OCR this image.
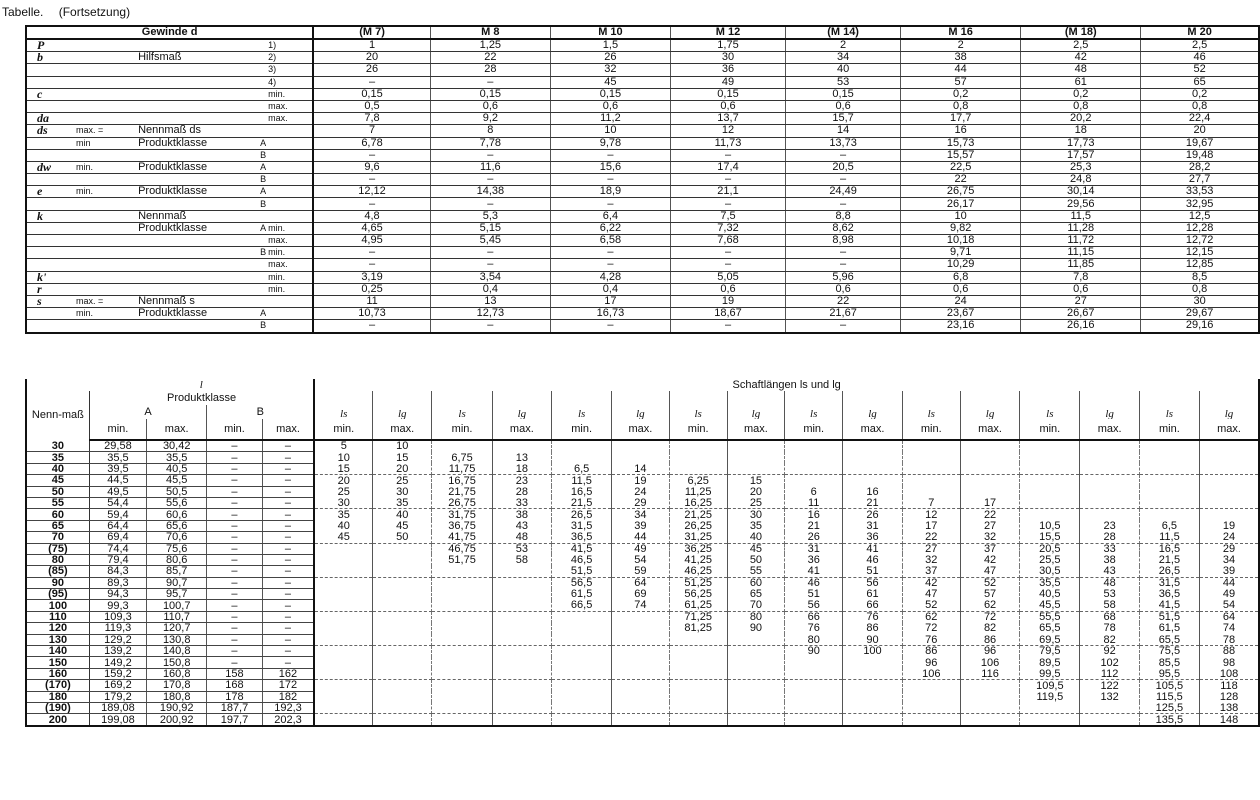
Tabelle. (Fortsetzung)
Gewinde d					(M 7)	M 8	M 10	M 12	(M 14)	M 16	(M 18)	M 20
P				1)	1	1,25	1,5	1,75	2	2	2,5	2,5
b		Hilfsmaß		2)	20	22	26	30	34	38	42	46
				3)	26	28	32	36	40	44	48	52
				4)	–	–	45	49	53	57	61	65
c				min.	0,15	0,15	0,15	0,15	0,15	0,2	0,2	0,2
				max.	0,5	0,6	0,6	0,6	0,6	0,8	0,8	0,8
da				max.	7,8	9,2	11,2	13,7	15,7	17,7	20,2	22,4
ds	max. =	Nennmaß ds			7	8	10	12	14	16	18	20
	min	Produktklasse	A		6,78	7,78	9,78	11,73	13,73	15,73	17,73	19,67
			B		–	–	–	–	–	15,57	17,57	19,48
dw	min.	Produktklasse	A		9,6	11,6	15,6	17,4	20,5	22,5	25,3	28,2
			B		–	–	–	–	–	22	24,8	27,7
e	min.	Produktklasse	A		12,12	14,38	18,9	21,1	24,49	26,75	30,14	33,53
			B		–	–	–	–	–	26,17	29,56	32,95
k		Nennmaß			4,8	5,3	6,4	7,5	8,8	10	11,5	12,5
		Produktklasse	A	min.	4,65	5,15	6,22	7,32	8,62	9,82	11,28	12,28
				max.	4,95	5,45	6,58	7,68	8,98	10,18	11,72	12,72
			B	min.	–	–	–	–	–	9,71	11,15	12,15
				max.	–	–	–	–	–	10,29	11,85	12,85
k'				min.	3,19	3,54	4,28	5,05	5,96	6,8	7,8	8,5
r				min.	0,25	0,4	0,4	0,6	0,6	0,6	0,6	0,8
s	max. =	Nennmaß s			11	13	17	19	22	24	27	30
	min.	Produktklasse	A		10,73	12,73	16,73	18,67	21,67	23,67	26,67	29,67
			B		–	–	–	–	–	23,16	26,16	29,16
	l				Schaftlängen ls und lg															
Nenn-maß	Produktklasse				ls	lg	ls	lg	ls	lg	ls	lg	ls	lg	ls	lg	ls	lg	ls	lg
	A		B																	
	min.	max.	min.	max.	min.	max.	min.	max.	min.	max.	min.	max.	min.	max.	min.	max.	min.	max.	min.	max.
30	29,58	30,42	–	–	5	10														
35	35,5	35,5	–	–	10	15	6,75	13												
40	39,5	40,5	–	–	15	20	11,75	18	6,5	14										
45	44,5	45,5	–	–	20	25	16,75	23	11,5	19	6,25	15								
50	49,5	50,5	–	–	25	30	21,75	28	16,5	24	11,25	20	6	16						
55	54,4	55,6	–	–	30	35	26,75	33	21,5	29	16,25	25	11	21	7	17				
60	59,4	60,6	–	–	35	40	31,75	38	26,5	34	21,25	30	16	26	12	22				
65	64,4	65,6	–	–	40	45	36,75	43	31,5	39	26,25	35	21	31	17	27	10,5	23	6,5	19
70	69,4	70,6	–	–	45	50	41,75	48	36,5	44	31,25	40	26	36	22	32	15,5	28	11,5	24
(75)	74,4	75,6	–	–			46,75	53	41,5	49	36,25	45	31	41	27	37	20,5	33	16,5	29
80	79,4	80,6	–	–			51,75	58	46,5	54	41,25	50	36	46	32	42	25,5	38	21,5	34
(85)	84,3	85,7	–	–					51,5	59	46,25	55	41	51	37	47	30,5	43	26,5	39
90	89,3	90,7	–	–					56,5	64	51,25	60	46	56	42	52	35,5	48	31,5	44
(95)	94,3	95,7	–	–					61,5	69	56,25	65	51	61	47	57	40,5	53	36,5	49
100	99,3	100,7	–	–					66,5	74	61,25	70	56	66	52	62	45,5	58	41,5	54
110	109,3	110,7	–	–							71,25	80	66	76	62	72	55,5	68	51,5	64
120	119,3	120,7	–	–							81,25	90	76	86	72	82	65,5	78	61,5	74
130	129,2	130,8	–	–									80	90	76	86	69,5	82	65,5	78
140	139,2	140,8	–	–									90	100	86	96	79,5	92	75,5	88
150	149,2	150,8	–	–											96	106	89,5	102	85,5	98
160	159,2	160,8	158	162											106	116	99,5	112	95,5	108
(170)	169,2	170,8	168	172													109,5	122	105,5	118
180	179,2	180,8	178	182													119,5	132	115,5	128
(190)	189,08	190,92	187,7	192,3															125,5	138
200	199,08	200,92	197,7	202,3															135,5	148
